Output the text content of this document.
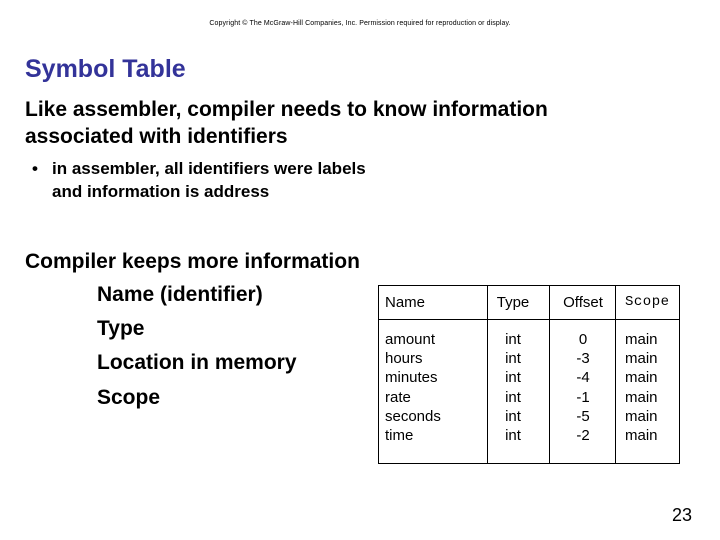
Copyright © The McGraw-Hill Companies, Inc. Permission required for reproduction or display.
Symbol Table
Like assembler, compiler needs to know information
associated with identifiers
• in assembler, all identifiers were labels
and information is address
Compiler keeps more information
Name (identifier)
Type
Location in memory
Scope
Name	Type	Offset Scope
amount
hours
minutes
rate
seconds
time
int
int
int
int
int
int
0
-3
-4
-1
-5
-2
main
main
main
main
main
main
23
